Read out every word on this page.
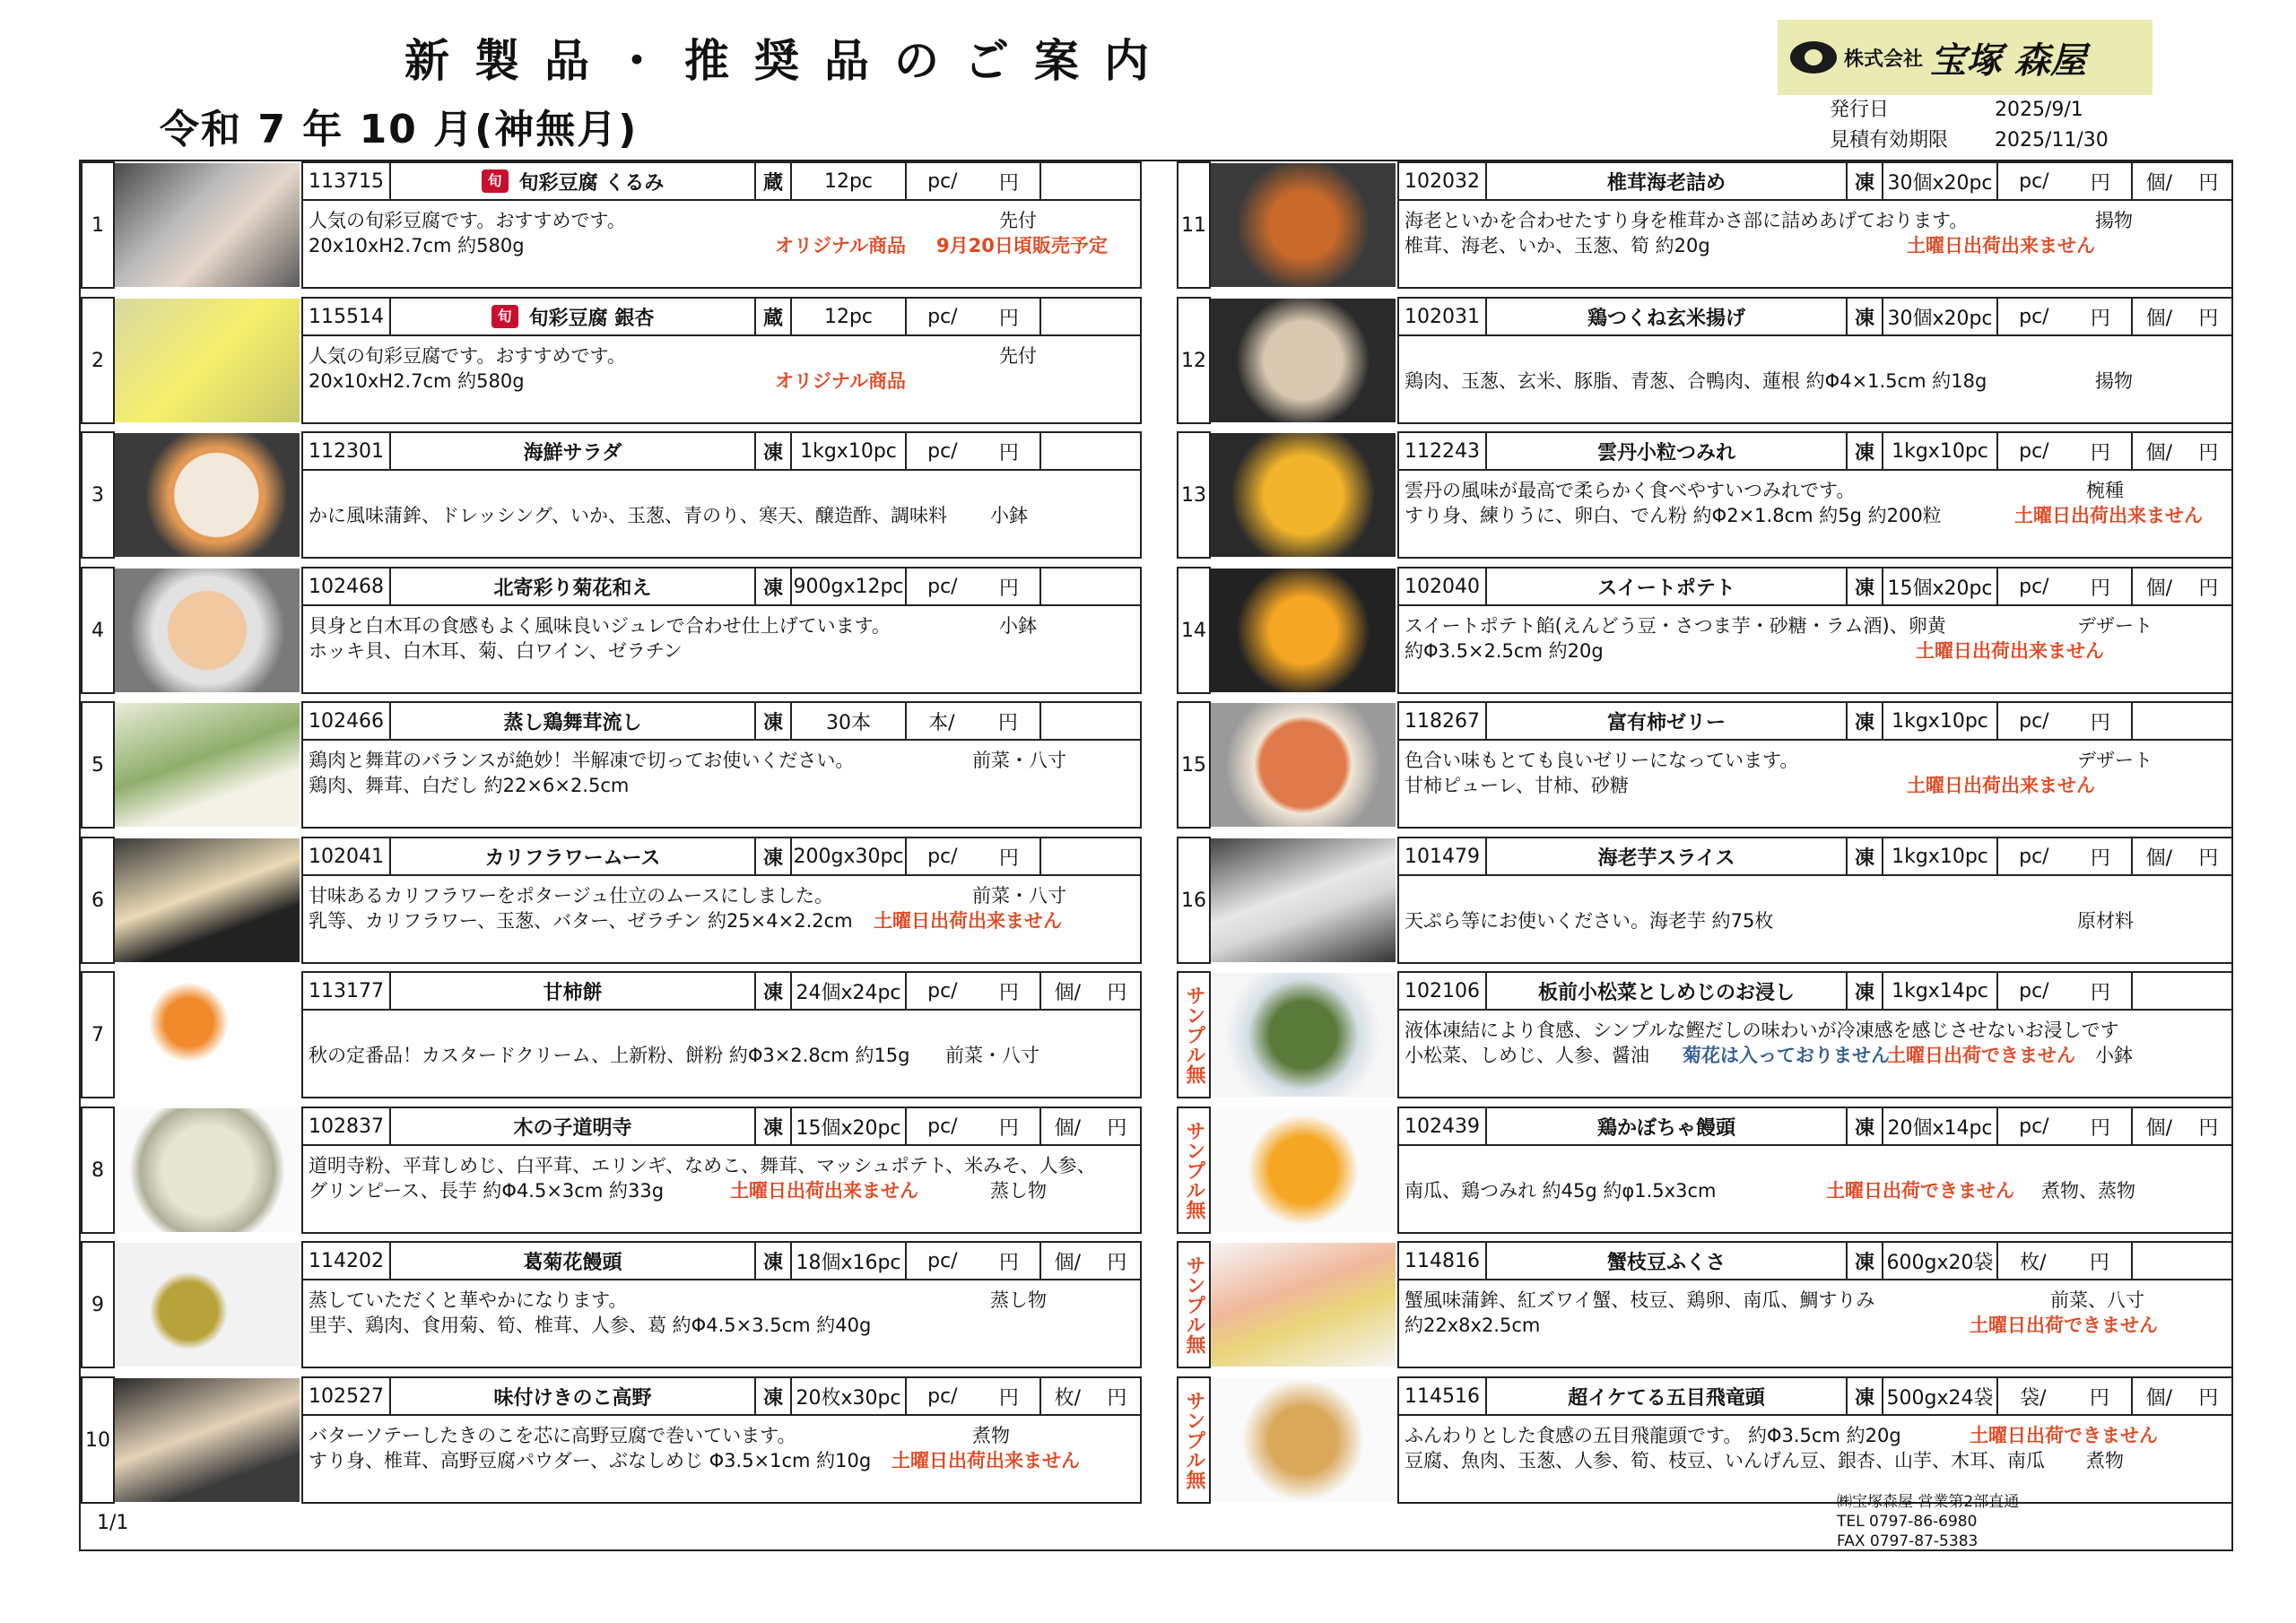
新製品・推奨品のご案内
令和 7 年 10 月(神無月)
株式会社 宝塚 森屋
発行日	2025/9/1
見積有効期限	2025/11/30
1
113715	旬 旬彩豆腐 くるみ	蔵	12pc	pc/ 円
人気の旬彩豆腐です。おすすめです。	先付
20x10xH2.7cm 約580g	オリジナル商品 9月20日頃販売予定
2
115514	旬 旬彩豆腐 銀杏	蔵	12pc	pc/ 円
人気の旬彩豆腐です。おすすめです。	先付
20x10xH2.7cm 約580g	オリジナル商品
3
112301	海鮮サラダ	凍 1kgx10pc	pc/ 円
かに風味蒲鉾、ドレッシング、いか、玉葱、青のり、寒天、醸造酢、調味料 小鉢
4
102468	北寄彩り菊花和え	凍 900gx12pc pc/ 円
貝身と白木耳の食感もよく風味良いジュレで合わせ仕上げています。	小鉢
ホッキ貝、白木耳、菊、白ワイン、ゼラチン
5
102466	蒸し鶏舞茸流し	凍	30本	本/ 円
鶏肉と舞茸のバランスが絶妙！半解凍で切ってお使いください。	前菜・八寸
鶏肉、舞茸、白だし 約22×6×2.5cm
6
102041	カリフラワームース	凍 200gx30pc pc/ 円
甘味あるカリフラワーをポタージュ仕立のムースにしました。	前菜・八寸
乳等、カリフラワー、玉葱、バター、ゼラチン 約25×4×2.2cm 土曜日出荷出来ません
7
113177	甘柿餅	凍 24個x24pc pc/ 円 個/ 円
秋の定番品！カスタードクリーム、上新粉、餅粉 約Φ3×2.8cm 約15g 前菜・八寸
8
102837	木の子道明寺	凍 15個x20pc pc/ 円 個/ 円
道明寺粉、平茸しめじ、白平茸、エリンギ、なめこ、舞茸、マッシュポテト、米みそ、人参、
グリンピース、長芋 約Φ4.5×3cm 約33g	土曜日出荷出来ません	蒸し物
9
114202	葛菊花饅頭	凍 18個x16pc pc/ 円 個/ 円
蒸していただくと華やかになります。	蒸し物
里芋、鶏肉、食用菊、筍、椎茸、人参、葛 約Φ4.5×3.5cm 約40g
10
102527	味付けきのこ高野	凍 20枚x30pc pc/ 円 枚/ 円
バターソテーしたきのこを芯に高野豆腐で巻いています。	煮物
すり身、椎茸、高野豆腐パウダー、ぶなしめじ Φ3.5×1cm 約10g 土曜日出荷出来ません
11
102032	椎茸海老詰め	凍 30個x20pc pc/ 円 個/ 円
海老といかを合わせたすり身を椎茸かさ部に詰めあげております。	揚物
椎茸、海老、いか、玉葱、筍 約20g	土曜日出荷出来ません
12
102031	鶏つくね玄米揚げ	凍 30個x20pc pc/ 円 個/ 円
鶏肉、玉葱、玄米、豚脂、青葱、合鴨肉、蓮根 約Φ4×1.5cm 約18g	揚物
13
112243	雲丹小粒つみれ	凍 1kgx10pc	pc/ 円 個/ 円
雲丹の風味が最高で柔らかく食べやすいつみれです。	椀種
すり身、練りうに、卵白、でん粉 約Φ2×1.8cm 約5g 約200粒	土曜日出荷出来ません
14
102040	スイートポテト	凍 15個x20pc pc/ 円 個/ 円
スイートポテト餡(えんどう豆・さつま芋・砂糖・ラム酒)、卵黄	デザート
約Φ3.5×2.5cm 約20g	土曜日出荷出来ません
15
118267	富有柿ゼリー	凍 1kgx10pc	pc/ 円
色合い味もとても良いゼリーになっています。	デザート
甘柿ピューレ、甘柿、砂糖	土曜日出荷出来ません
16
101479	海老芋スライス	凍 1kgx10pc	pc/ 円 個/ 円
天ぷら等にお使いください。海老芋 約75枚	原材料
サンプル無	102106	板前小松菜としめじのお浸し	凍 1kgx14pc	pc/ 円
液体凍結により食感、シンプルな鰹だしの味わいが冷凍感を感じさせないお浸しです
小松菜、しめじ、人参、醤油 菊花は入っておりません
土曜日出荷できません 小鉢
サンプル無	102439	鶏かぼちゃ饅頭	凍 20個x14pc pc/ 円 個/ 円
南瓜、鶏つみれ 約45g 約φ1.5x3cm	土曜日出荷できません 煮物、蒸物
サンプル無	114816	蟹枝豆ふくさ	凍 600gx20袋 枚/ 円
蟹風味蒲鉾、紅ズワイ蟹、枝豆、鶏卵、南瓜、鯛すりみ	前菜、八寸
約22x8x2.5cm	土曜日出荷できません
サンプル無	114516	超イケてる五目飛竜頭	凍 500gx24袋 袋/ 円 個/ 円
ふんわりとした食感の五目飛龍頭です。 約Φ3.5cm 約20g	土曜日出荷できません
豆腐、魚肉、玉葱、人参、筍、枝豆、いんげん豆、銀杏、山芋、木耳、南瓜 煮物
1/1
㈱宝塚森屋 営業第2部直通
TEL 0797-86-6980
FAX 0797-87-5383
